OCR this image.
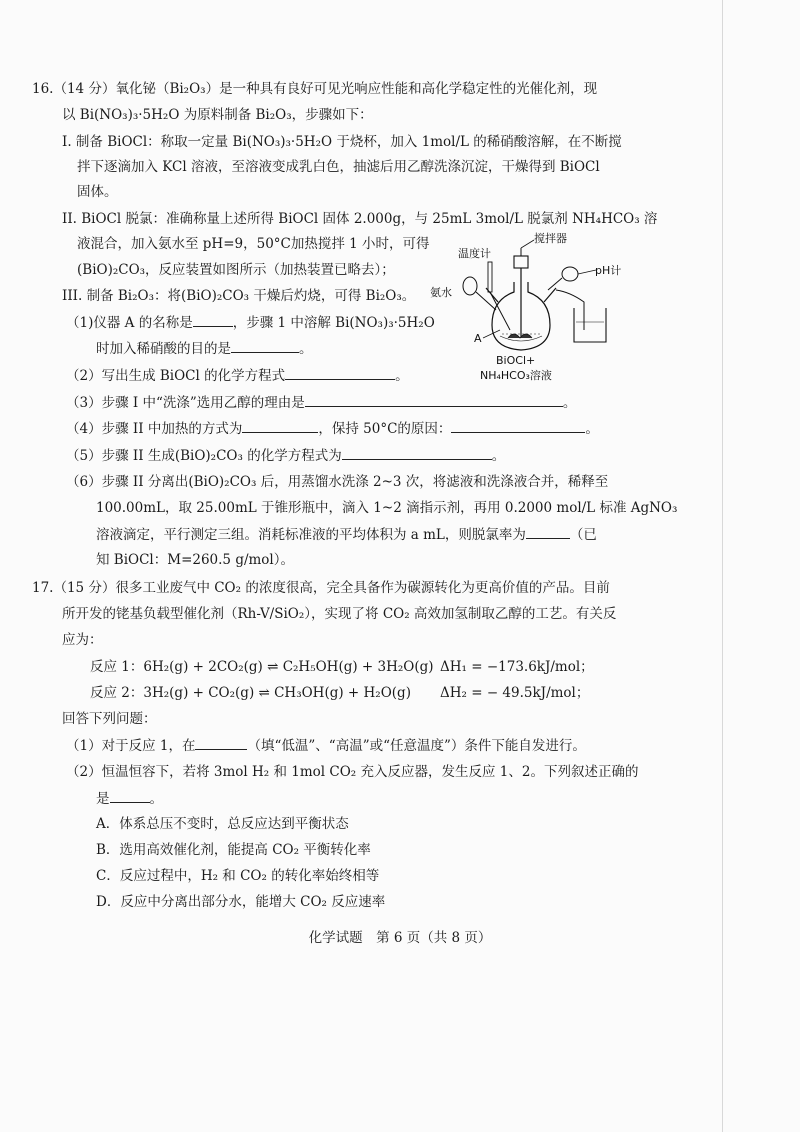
16.（14 分）氧化铋（Bi₂O₃）是一种具有良好可见光响应性能和高化学稳定性的光催化剂，现
以 Bi(NO₃)₃·5H₂O 为原料制备 Bi₂O₃，步骤如下：
I. 制备 BiOCl：称取一定量 Bi(NO₃)₃·5H₂O 于烧杯，加入 1mol/L 的稀硝酸溶解，在不断搅
拌下逐滴加入 KCl 溶液，至溶液变成乳白色，抽滤后用乙醇洗涤沉淀，干燥得到 BiOCl
固体。
II. BiOCl 脱氯：准确称量上述所得 BiOCl 固体 2.000g，与 25mL 3mol/L 脱氯剂 NH₄HCO₃ 溶
液混合，加入氨水至 pH=9，50°C加热搅拌 1 小时，可得
(BiO)₂CO₃，反应装置如图所示（加热装置已略去）；
III. 制备 Bi₂O₃：将(BiO)₂CO₃ 干燥后灼烧，可得 Bi₂O₃。
（1)仪器 A 的名称是	，步骤 1 中溶解 Bi(NO₃)₃·5H₂O
时加入稀硝酸的目的是	。
（2）写出生成 BiOCl 的化学方程式	。
（3）步骤 I 中“洗涤”选用乙醇的理由是	。
（4）步骤 II 中加热的方式为	，保持 50°C的原因：	。
（5）步骤 II 生成(BiO)₂CO₃ 的化学方程式为	。
（6）步骤 II 分离出(BiO)₂CO₃ 后，用蒸馏水洗涤 2~3 次，将滤液和洗涤液合并，稀释至
100.00mL，取 25.00mL 于锥形瓶中，滴入 1~2 滴指示剂，再用 0.2000 mol/L 标准 AgNO₃
溶液滴定，平行测定三组。消耗标准液的平均体积为 a mL，则脱氯率为	（已
知 BiOCl：M=260.5 g/mol）。
搅拌器
A
温度计
氨水
pH计
BiOCl+
NH₄HCO₃溶液
17.（15 分）很多工业废气中 CO₂ 的浓度很高，完全具备作为碳源转化为更高价值的产品。目前
所开发的铑基负载型催化剂（Rh-V/SiO₂），实现了将 CO₂ 高效加氢制取乙醇的工艺。有关反
应为：
反应 1：6H₂(g) + 2CO₂(g) ⇌ C₂H₅OH(g) + 3H₂O(g) ΔH₁ = −173.6kJ/mol；
反应 2：3H₂(g) + CO₂(g) ⇌ CH₃OH(g) + H₂O(g) ΔH₂ = − 49.5kJ/mol；
回答下列问题：
（1）对于反应 1，在	（填“低温”、“高温”或“任意温度”）条件下能自发进行。
（2）恒温恒容下，若将 3mol H₂ 和 1mol CO₂ 充入反应器，发生反应 1、2。下列叙述正确的
是	。
A．体系总压不变时，总反应达到平衡状态
B．选用高效催化剂，能提高 CO₂ 平衡转化率
C．反应过程中，H₂ 和 CO₂ 的转化率始终相等
D．反应中分离出部分水，能增大 CO₂ 反应速率
化学试题　第 6 页（共 8 页）
